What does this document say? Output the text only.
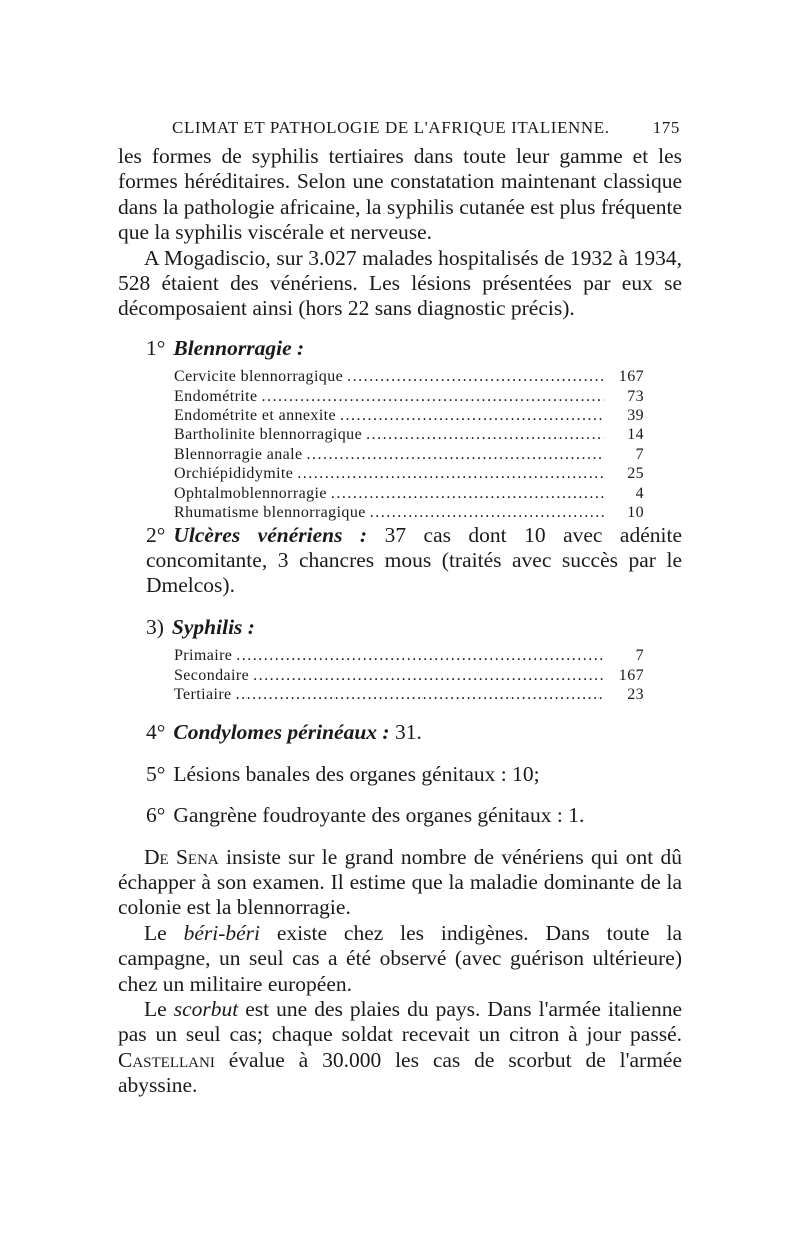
CLIMAT ET PATHOLOGIE DE L'AFRIQUE ITALIENNE.	175

les formes de syphilis tertiaires dans toute leur gamme et les formes héréditaires. Selon une constatation maintenant classique dans la pathologie africaine, la syphilis cutanée est plus fréquente que la syphilis viscérale et nerveuse.

A Mogadiscio, sur 3.027 malades hospitalisés de 1932 à 1934, 528 étaient des vénériens. Les lésions présentées par eux se décomposaient ainsi (hors 22 sans diagnostic précis).

1° Blennorragie :
Cervicite blennorragique .....	167
Endométrite .....	73
Endométrite et annexite .....	39
Bartholinite blennorragique .....	14
Blennorragie anale .....	7
Orchiépididymite .....	25
Ophtalmoblennorragie .....	4
Rhumatisme blennorragique .....	10

2° Ulcères vénériens : 37 cas dont 10 avec adénite concomitante, 3 chancres mous (traités avec succès par le Dmelcos).

3) Syphilis :
Primaire .....	7
Secondaire .....	167
Tertiaire .....	23
4° Condylomes périnéaux : 31.
5° Lésions banales des organes génitaux : 10;
6° Gangrène foudroyante des organes génitaux : 1.

De Sena insiste sur le grand nombre de vénériens qui ont dû échapper à son examen. Il estime que la maladie dominante de la colonie est la blennorragie.

Le béri-béri existe chez les indigènes. Dans toute la campagne, un seul cas a été observé (avec guérison ultérieure) chez un militaire européen.

Le scorbut est une des plaies du pays. Dans l'armée italienne pas un seul cas; chaque soldat recevait un citron à jour passé. Castellani évalue à 30.000 les cas de scorbut de l'armée abyssine.
